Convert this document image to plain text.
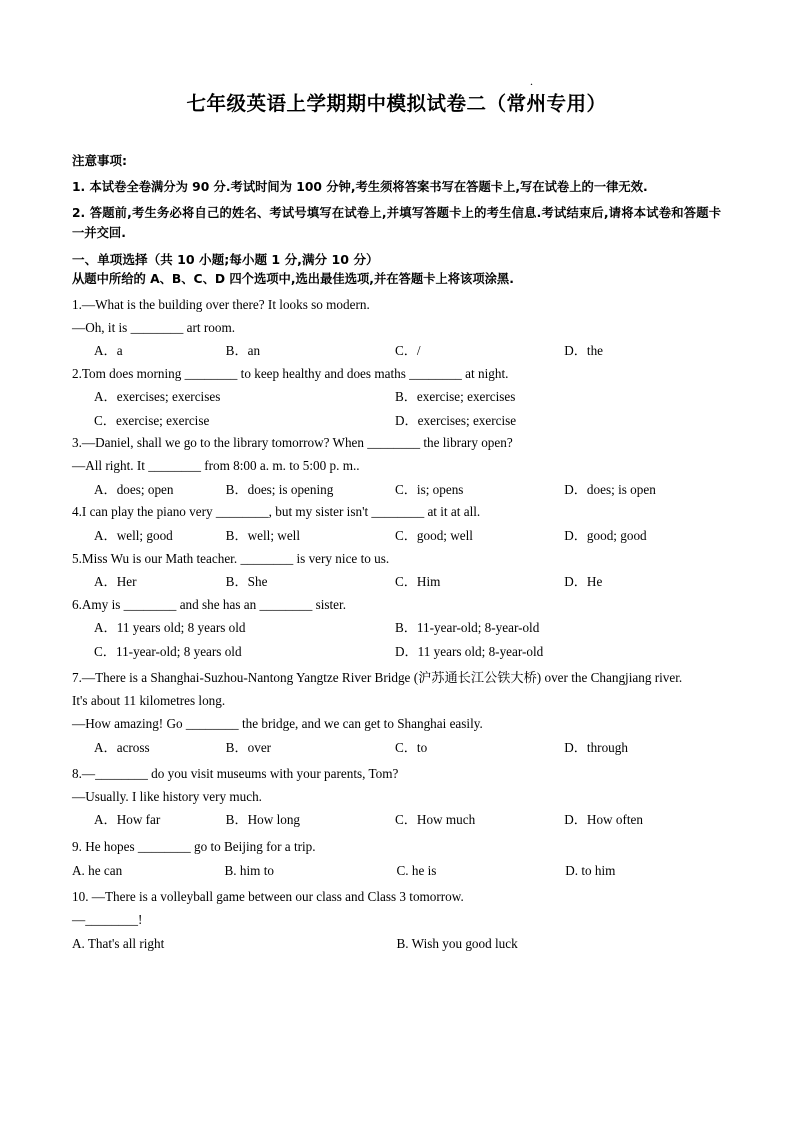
.
七年级英语上学期期中模拟试卷二（常州专用）
注意事项:
1. 本试卷全卷满分为 90 分.考试时间为 100 分钟,考生须将答案书写在答题卡上,写在试卷上的一律无效.
2. 答题前,考生务必将自己的姓名、考试号填写在试卷上,并填写答题卡上的考生信息.考试结束后,请将本试卷和答题卡一并交回.
一、单项选择（共 10 小题;每小题 1 分,满分 10 分）
从题中所给的 A、B、C、D 四个选项中,选出最佳选项,并在答题卡上将该项涂黑.
1.—What is the building over there? It looks so modern.
—Oh, it is ________ art room.
A．a	B．an	C．/	D．the
2.Tom does morning ________ to keep healthy and does maths ________ at night.
A．exercises; exercises	B．exercise; exercises
C．exercise; exercise	D．exercises; exercise
3.—Daniel, shall we go to the library tomorrow? When ________ the library open?
—All right. It ________ from 8:00 a. m. to 5:00 p. m..
A．does; open	B．does; is opening	C．is; opens	D．does; is open
4.I can play the piano very ________, but my sister isn't ________ at it at all.
A．well; good	B．well; well	C．good; well	D．good; good
5.Miss Wu is our Math teacher. ________ is very nice to us.
A．Her	B．She	C．Him	D．He
6.Amy is ________ and she has an ________ sister.
A．11 years old; 8 years old	B．11-year-old; 8-year-old
C．11-year-old; 8 years old	D．11 years old; 8-year-old
7.—There is a Shanghai-Suzhou-Nantong Yangtze River Bridge (沪苏通长江公铁大桥) over the Changjiang river.
It's about 11 kilometres long.
—How amazing! Go ________ the bridge, and we can get to Shanghai easily.
A．across	B．over	C．to	D．through
8.—________ do you visit museums with your parents, Tom?
—Usually. I like history very much.
A．How far	B．How long	C．How much	D．How often
9. He hopes ________ go to Beijing for a trip.
A. he can	B. him to	C. he is	D. to him
10. —There is a volleyball game between our class and Class 3 tomorrow.
—________!
A. That's all right	B. Wish you good luck
